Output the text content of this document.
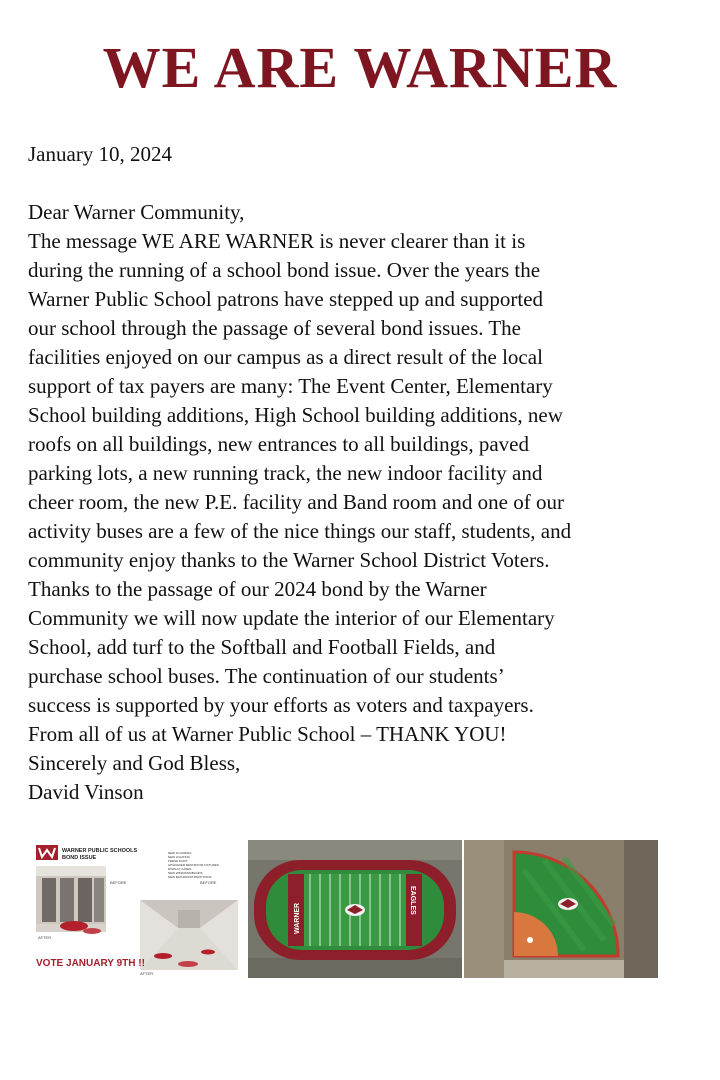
WE ARE WARNER
January 10, 2024
Dear Warner Community,
The message WE ARE WARNER is never clearer than it is
during the running of a school bond issue. Over the years the
Warner Public School patrons have stepped up and supported
our school through the passage of several bond issues. The
facilities enjoyed on our campus as a direct result of the local
support of tax payers are many: The Event Center, Elementary
School building additions, High School building additions, new
roofs on all buildings, new entrances to all buildings, paved
parking lots, a new running track, the new indoor facility and
cheer room, the new P.E. facility and Band room and one of our
activity buses are a few of the nice things our staff, students, and
community enjoy thanks to the Warner School District Voters.
Thanks to the passage of our 2024 bond by the Warner
Community we will now update the interior of our Elementary
School, add turf to the Softball and Football Fields, and
purchase school buses. The continuation of our students’
success is supported by your efforts as voters and taxpayers.
From all of us at Warner Public School – THANK YOU!
Sincerely and God Bless,
David Vinson
WARNER PUBLIC SCHOOLS
BOND ISSUE
AFTER
BEFORE
NEW FLOORING
NEW LIGHTING
FRESH PAINT
UPGRADED RESTROOM FIXTURES
DISPLAY CASES
NEW WINDOWS/BLINDS
NEW BATHROOM PARTITIONS
BEFORE
AFTER
VOTE JANUARY 9TH !!
WARNER
EAGLES
